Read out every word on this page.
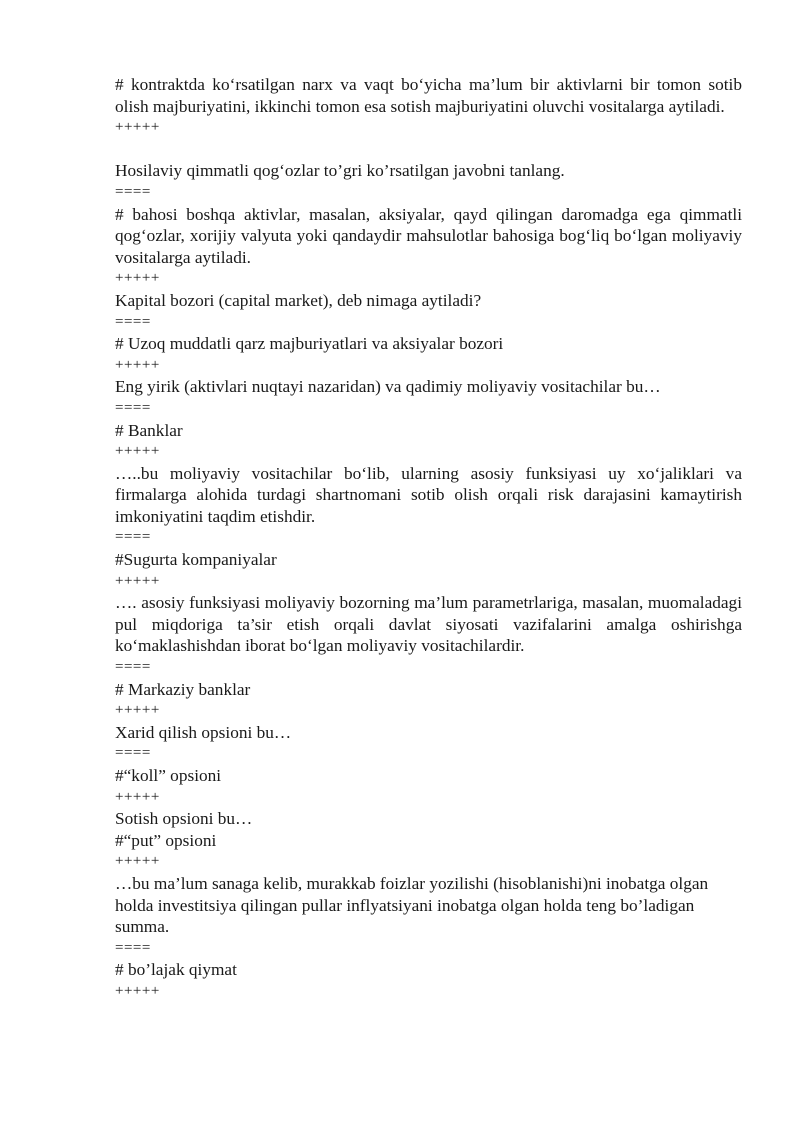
# kontraktda ko‘rsatilgan narx va vaqt bo‘yicha ma’lum bir aktivlarni bir tomon sotib olish majburiyatini, ikkinchi tomon esa sotish majburiyatini oluvchi vositalarga aytiladi.

+++++

Hosilaviy qimmatli qog‘ozlar to’gri ko’rsatilgan javobni tanlang.

====

# bahosi boshqa aktivlar, masalan, aksiyalar, qayd qilingan daromadga ega qimmatli qog‘ozlar, xorijiy valyuta yoki qandaydir mahsulotlar bahosiga bog‘liq bo‘lgan moliyaviy vositalarga aytiladi.

+++++

Kapital bozori (capital market), deb nimaga aytiladi?

====

# Uzoq muddatli qarz majburiyatlari va aksiyalar bozori

+++++

Eng yirik (aktivlari nuqtayi nazaridan) va qadimiy moliyaviy vositachilar bu…

====

# Banklar

+++++

…..bu moliyaviy vositachilar bo‘lib, ularning asosiy funksiyasi uy xo‘jaliklari va firmalarga alohida turdagi shartnomani sotib olish orqali risk darajasini kamaytirish imkoniyatini taqdim etishdir.

====

#Sugurta kompaniyalar

+++++

…. asosiy funksiyasi moliyaviy bozorning ma’lum parametrlariga, masalan, muomaladagi pul miqdoriga ta’sir etish orqali davlat siyosati vazifalarini amalga oshirishga ko‘maklashishdan iborat bo‘lgan moliyaviy vositachilardir.

====

# Markaziy banklar

+++++

Xarid qilish opsioni bu…

====

#“koll” opsioni

+++++

Sotish opsioni bu…

#“put” opsioni

+++++

…bu ma’lum sanaga kelib, murakkab foizlar yozilishi (hisoblanishi)ni inobatga olgan holda investitsiya qilingan pullar inflyatsiyani inobatga olgan holda teng bo’ladigan summa.

====

# bo’lajak qiymat

+++++
